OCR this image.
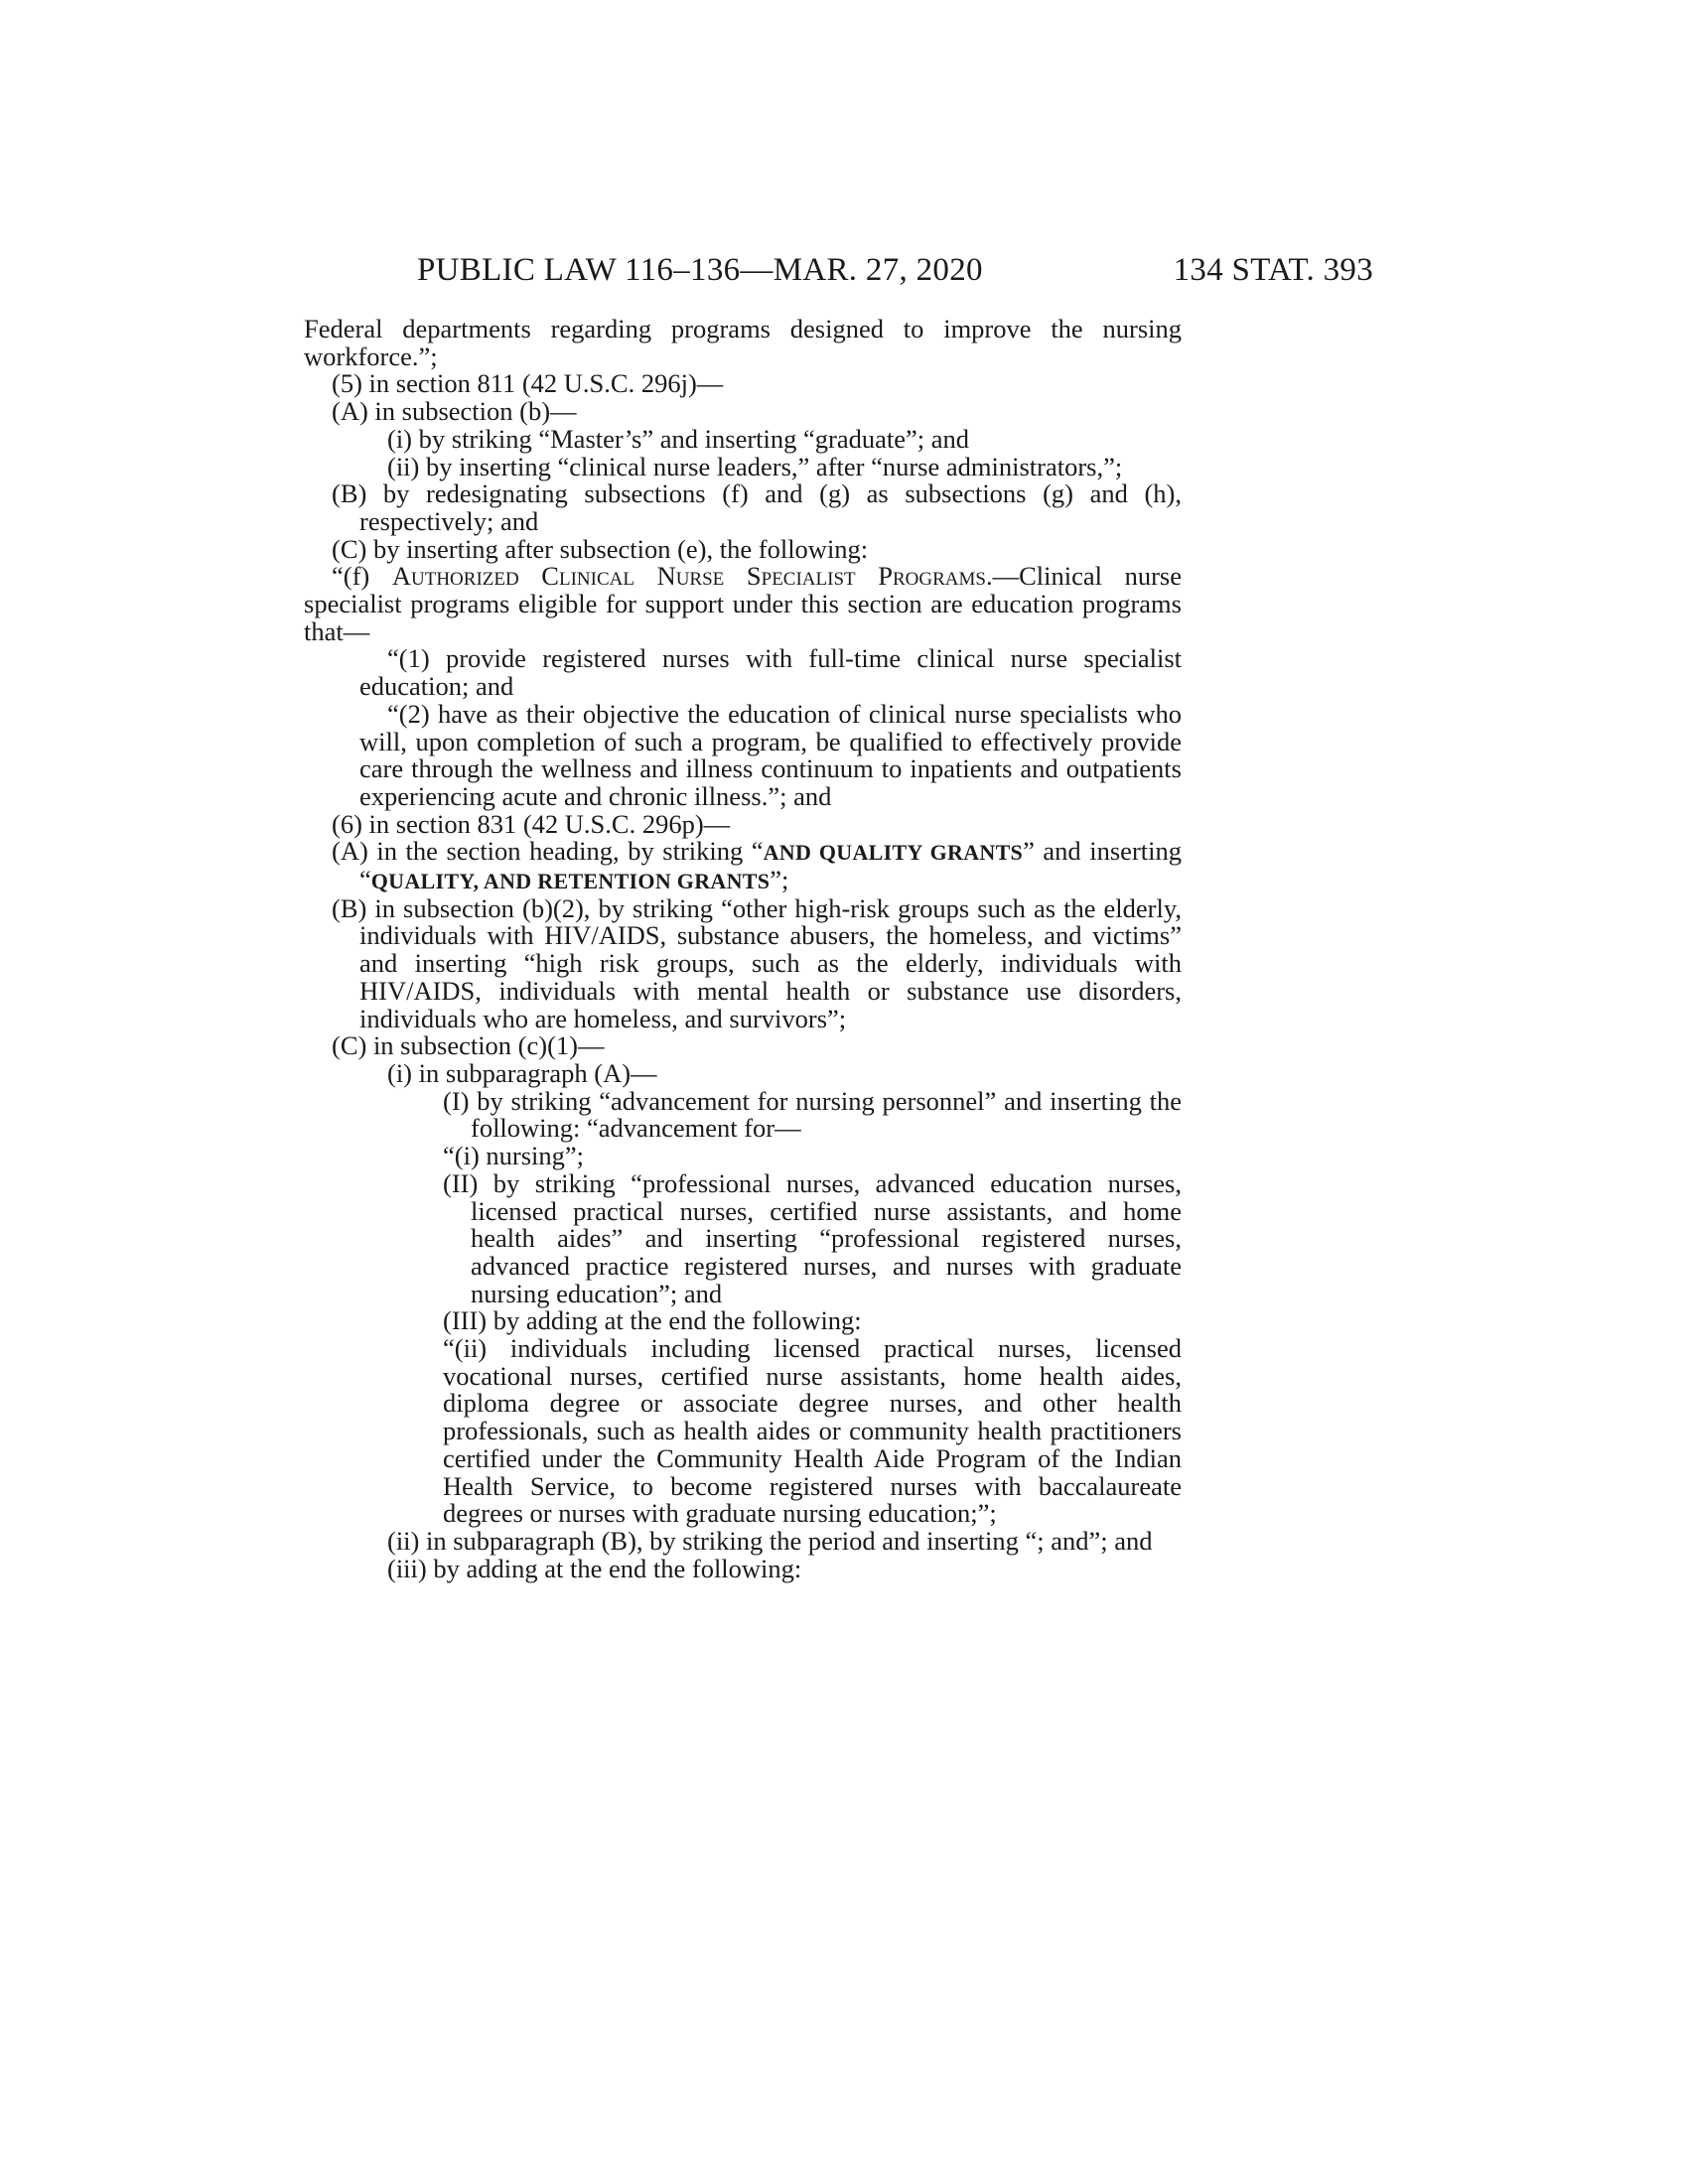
PUBLIC LAW 116–136—MAR. 27, 2020	134 STAT. 393

Federal departments regarding programs designed to improve the nursing workforce.”;

(5) in section 811 (42 U.S.C. 296j)—

(A) in subsection (b)—

(i) by striking “Master’s” and inserting “graduate”; and

(ii) by inserting “clinical nurse leaders,” after “nurse administrators,”;

(B) by redesignating subsections (f) and (g) as subsections (g) and (h), respectively; and

(C) by inserting after subsection (e), the following:

“(f) Authorized Clinical Nurse Specialist Programs.—Clinical nurse specialist programs eligible for support under this section are education programs that—

“(1) provide registered nurses with full-time clinical nurse specialist education; and

“(2) have as their objective the education of clinical nurse specialists who will, upon completion of such a program, be qualified to effectively provide care through the wellness and illness continuum to inpatients and outpatients experiencing acute and chronic illness.”; and

(6) in section 831 (42 U.S.C. 296p)—

(A) in the section heading, by striking “AND QUALITY GRANTS” and inserting “QUALITY, AND RETENTION GRANTS”;

(B) in subsection (b)(2), by striking “other high-risk groups such as the elderly, individuals with HIV/AIDS, substance abusers, the homeless, and victims” and inserting “high risk groups, such as the elderly, individuals with HIV/AIDS, individuals with mental health or substance use disorders, individuals who are homeless, and survivors”;

(C) in subsection (c)(1)—

(i) in subparagraph (A)—

(I) by striking “advancement for nursing personnel” and inserting the following: “advancement for—

“(i) nursing”;

(II) by striking “professional nurses, advanced education nurses, licensed practical nurses, certified nurse assistants, and home health aides” and inserting “professional registered nurses, advanced practice registered nurses, and nurses with graduate nursing education”; and

(III) by adding at the end the following:

“(ii) individuals including licensed practical nurses, licensed vocational nurses, certified nurse assistants, home health aides, diploma degree or associate degree nurses, and other health professionals, such as health aides or community health practitioners certified under the Community Health Aide Program of the Indian Health Service, to become registered nurses with baccalaureate degrees or nurses with graduate nursing education;”;

(ii) in subparagraph (B), by striking the period and inserting “; and”; and

(iii) by adding at the end the following:
